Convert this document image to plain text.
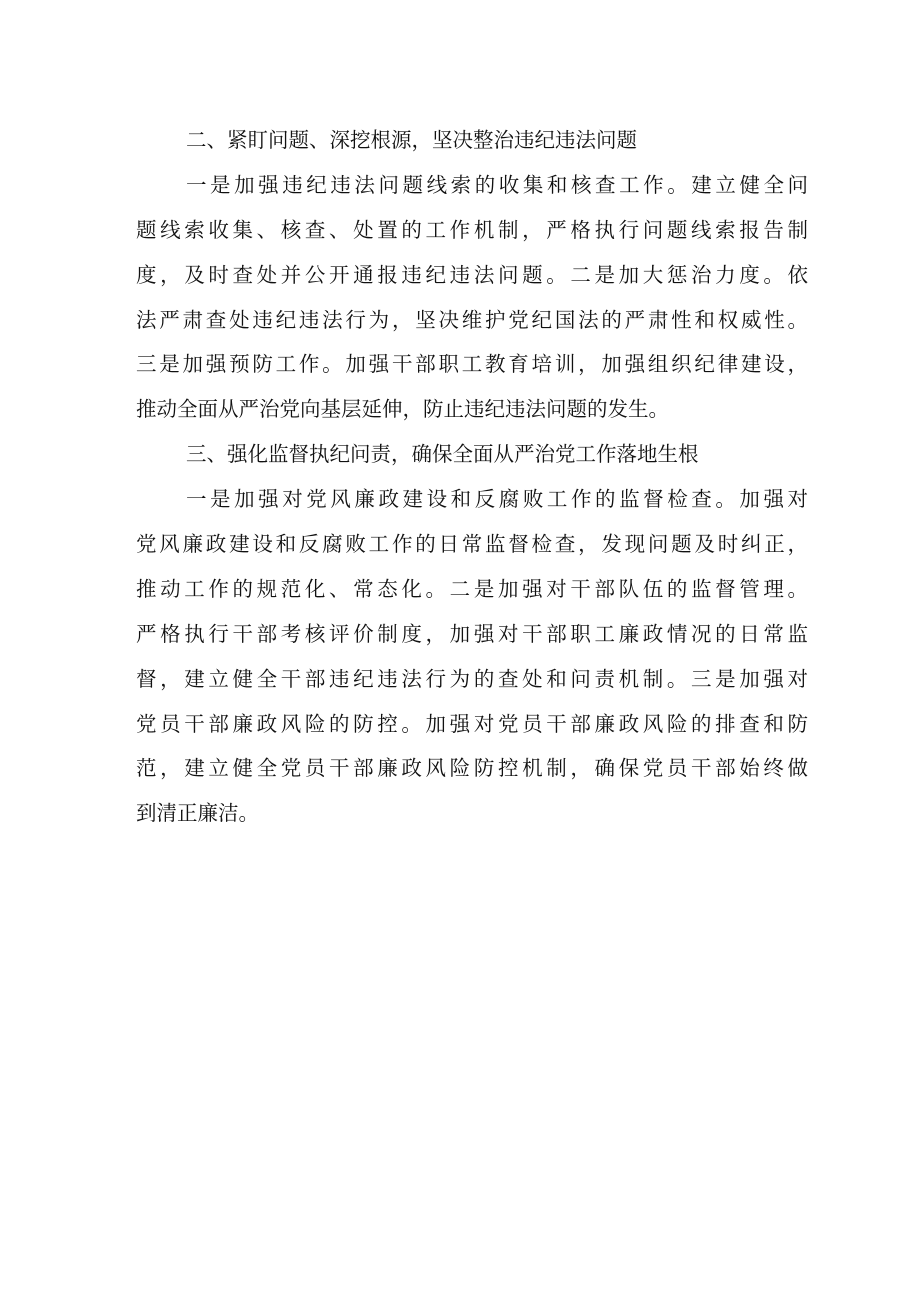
二、紧盯问题、深挖根源，坚决整治违纪违法问题
一是加强违纪违法问题线索的收集和核查工作。建立健全问
题线索收集、核查、处置的工作机制，严格执行问题线索报告制
度，及时查处并公开通报违纪违法问题。二是加大惩治力度。依
法严肃查处违纪违法行为，坚决维护党纪国法的严肃性和权威性。
三是加强预防工作。加强干部职工教育培训，加强组织纪律建设，
推动全面从严治党向基层延伸，防止违纪违法问题的发生。
三、强化监督执纪问责，确保全面从严治党工作落地生根
一是加强对党风廉政建设和反腐败工作的监督检查。加强对
党风廉政建设和反腐败工作的日常监督检查，发现问题及时纠正，
推动工作的规范化、常态化。二是加强对干部队伍的监督管理。
严格执行干部考核评价制度，加强对干部职工廉政情况的日常监
督，建立健全干部违纪违法行为的查处和问责机制。三是加强对
党员干部廉政风险的防控。加强对党员干部廉政风险的排查和防
范，建立健全党员干部廉政风险防控机制，确保党员干部始终做
到清正廉洁。
